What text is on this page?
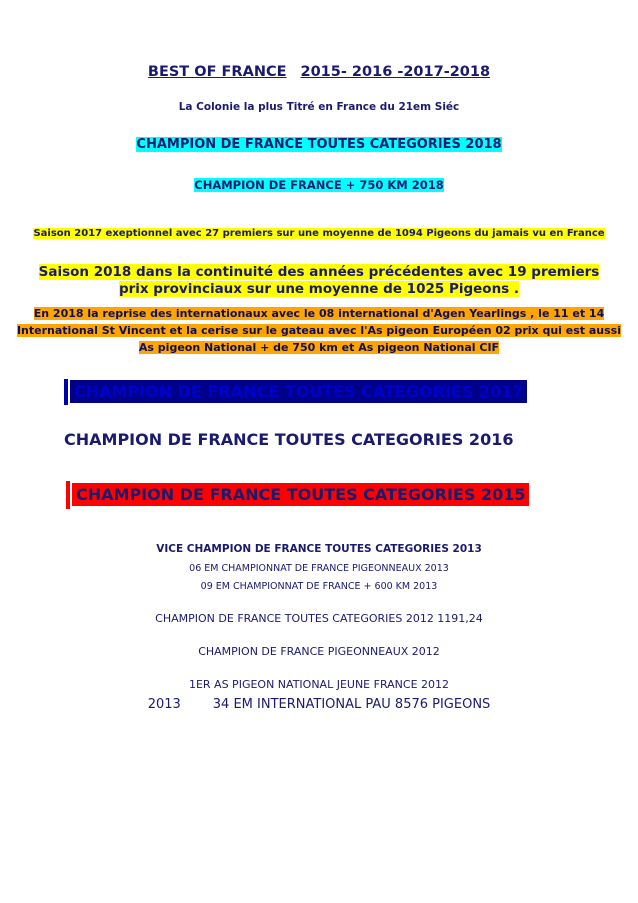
BEST OF FRANCE 2015- 2016 -2017-2018
La Colonie la plus Titré en France du 21em Siéc
CHAMPION DE FRANCE TOUTES CATEGORIES 2018
CHAMPION DE FRANCE + 750 KM 2018
Saison 2017 exeptionnel avec 27 premiers sur une moyenne de 1094 Pigeons du jamais vu en France
Saison 2018 dans la continuité des années précédentes avec 19 premiers prix provinciaux sur une moyenne de 1025 Pigeons .
En 2018 la reprise des internationaux avec le 08 international d'Agen Yearlings , le 11 et 14 International St Vincent et la cerise sur le gateau avec l'As pigeon Européen 02 prix qui est aussi As pigeon National + de 750 km et As pigeon National CIF
CHAMPION DE FRANCE TOUTES CATEGORIES 2017
CHAMPION DE FRANCE TOUTES CATEGORIES 2016
CHAMPION DE FRANCE TOUTES CATEGORIES 2015
VICE CHAMPION DE FRANCE TOUTES CATEGORIES 2013
06 EM CHAMPIONNAT DE FRANCE PIGEONNEAUX 2013
09 EM CHAMPIONNAT DE FRANCE + 600 KM 2013
CHAMPION DE FRANCE TOUTES CATEGORIES 2012 1191,24
CHAMPION DE FRANCE PIGEONNEAUX 2012
1ER AS PIGEON NATIONAL JEUNE FRANCE 2012
2013 34 EM INTERNATIONAL PAU 8576 PIGEONS
